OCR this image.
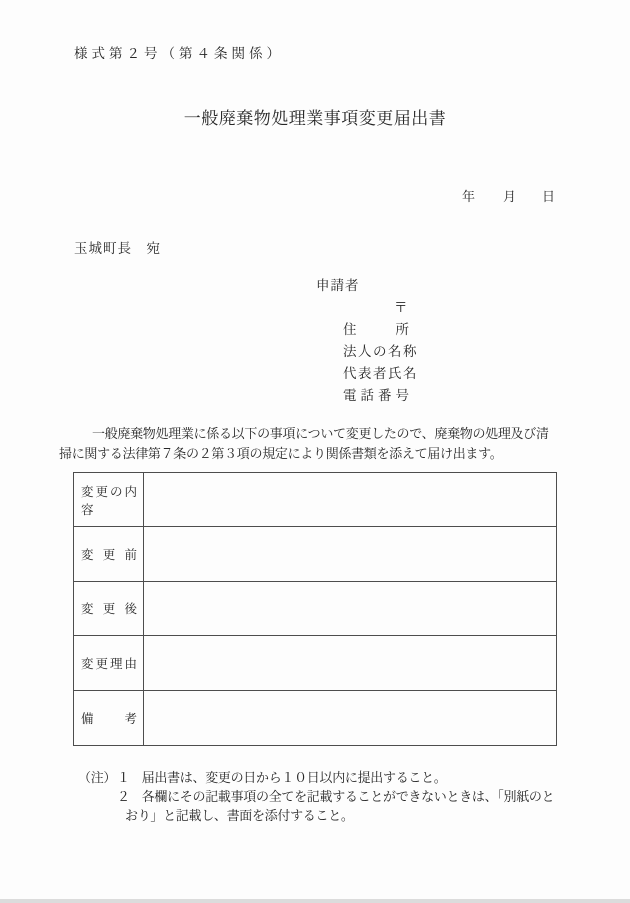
様式第２号（第４条関係）
一般廃棄物処理業事項変更届出書
年 月 日
玉城町長　宛
申請者
〒
住所
法人の名称
代表者氏名
電話番号
一般廃棄物処理業に係る以下の事項について変更したので、廃棄物の処理及び清
掃に関する法律第７条の２第３項の規定により関係書類を添えて届け出ます。
変更の内容
変更前
変更後
変更理由
備考
（注） １ 届出書は、変更の日から１０日以内に提出すること。
２ 各欄にその記載事項の全てを記載することができないときは、「別紙のと
おり」と記載し、書面を添付すること。
